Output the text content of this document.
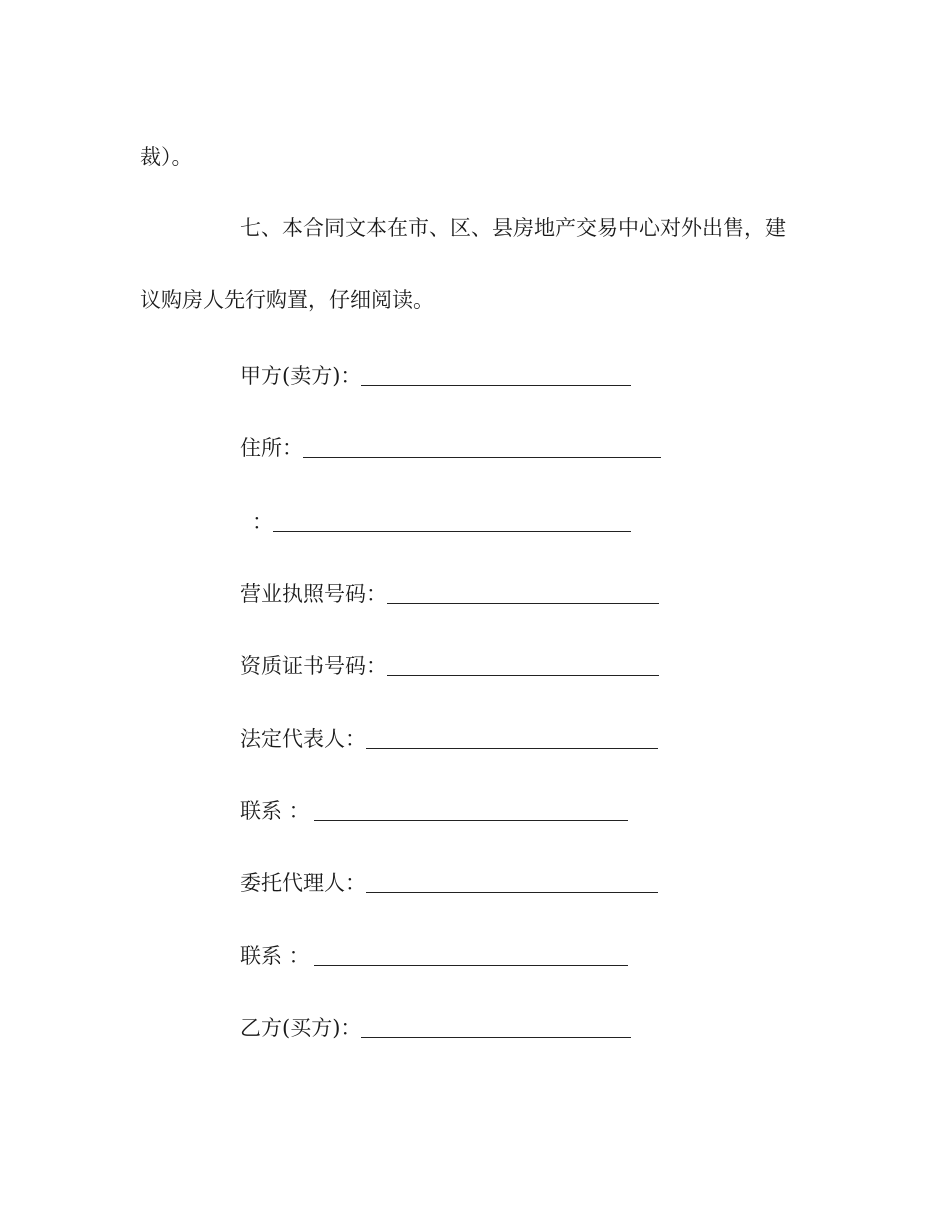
裁）。

七、本合同文本在市、区、县房地产交易中心对外出售，建

议购房人先行购置，仔细阅读。

甲方(卖方)：
住所：
：
营业执照号码：
资质证书号码：
法定代表人：
联系 ：
委托代理人：
联系 ：
乙方(买方)：
